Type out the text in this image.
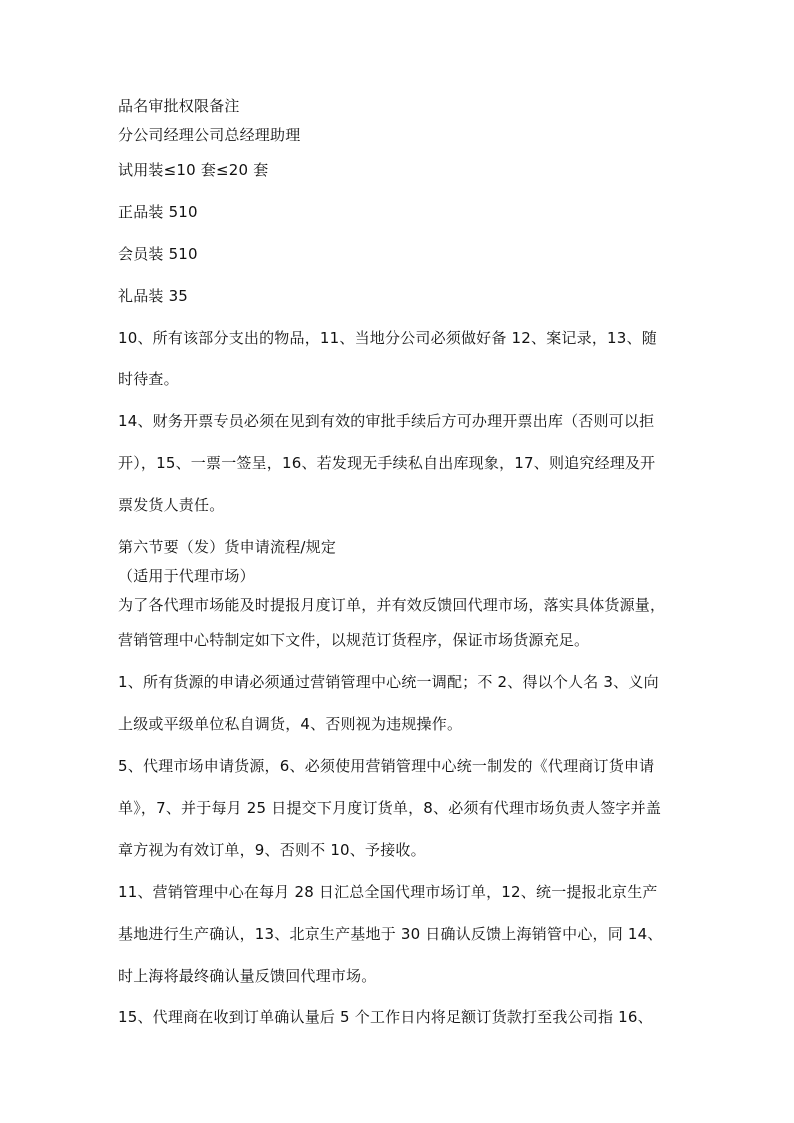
品名审批权限备注
分公司经理公司总经理助理
试用装≤10 套≤20 套
正品装 510
会员装 510
礼品装 35
10、所有该部分支出的物品，11、当地分公司必须做好备 12、案记录，13、随
时待查。
14、财务开票专员必须在见到有效的审批手续后方可办理开票出库（否则可以拒
开），15、一票一签呈，16、若发现无手续私自出库现象，17、则追究经理及开
票发货人责任。
第六节要（发）货申请流程/规定
（适用于代理市场）
为了各代理市场能及时提报月度订单，并有效反馈回代理市场，落实具体货源量，
营销管理中心特制定如下文件，以规范订货程序，保证市场货源充足。
1、所有货源的申请必须通过营销管理中心统一调配；不 2、得以个人名 3、义向
上级或平级单位私自调货，4、否则视为违规操作。
5、代理市场申请货源，6、必须使用营销管理中心统一制发的《代理商订货申请
单》，7、并于每月 25 日提交下月度订货单，8、必须有代理市场负责人签字并盖
章方视为有效订单，9、否则不 10、予接收。
11、营销管理中心在每月 28 日汇总全国代理市场订单，12、统一提报北京生产
基地进行生产确认，13、北京生产基地于 30 日确认反馈上海销管中心，同 14、
时上海将最终确认量反馈回代理市场。
15、代理商在收到订单确认量后 5 个工作日内将足额订货款打至我公司指 16、
